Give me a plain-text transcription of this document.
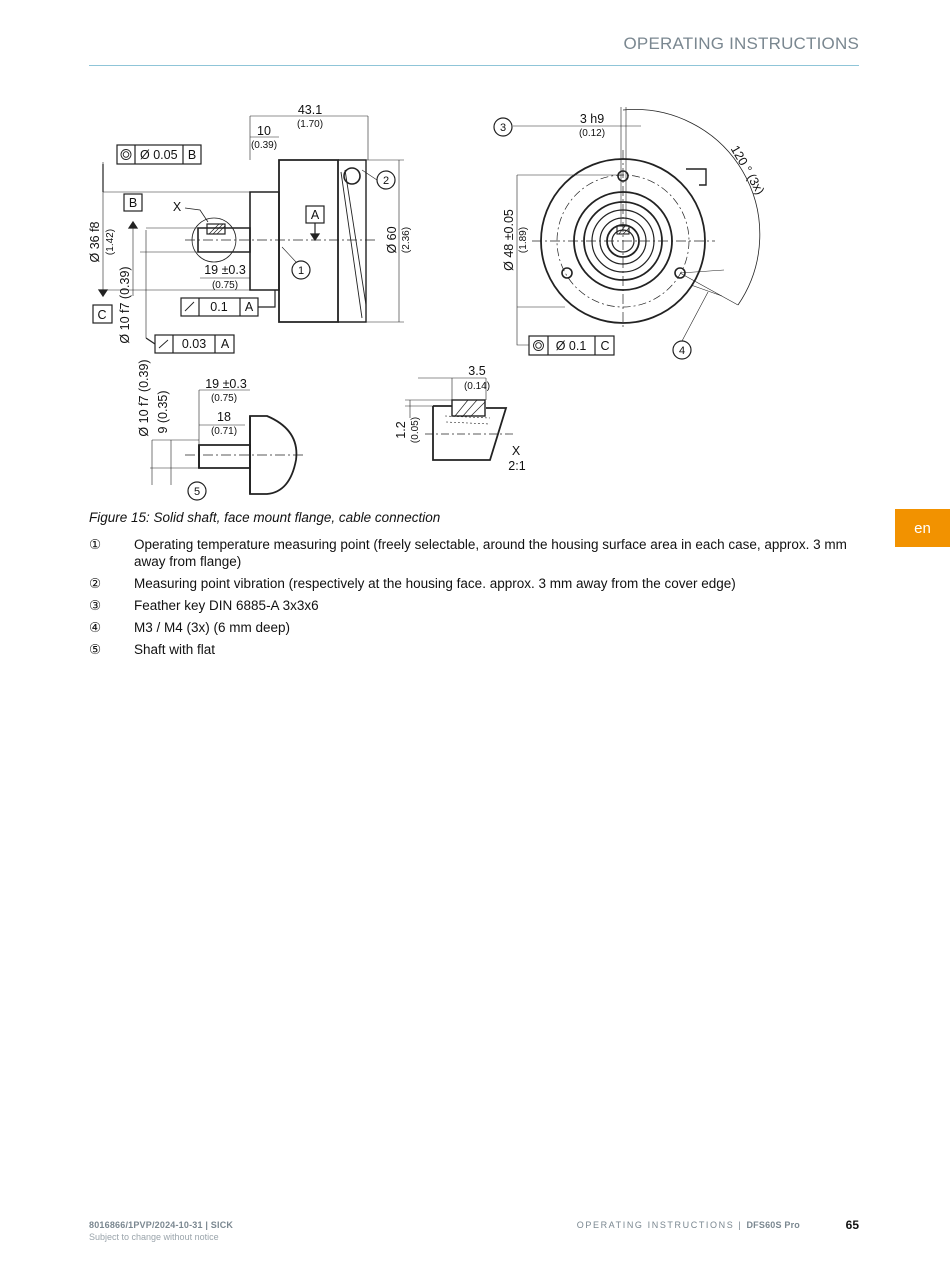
OPERATING INSTRUCTIONS
en
43.1
(1.70)
10
(0.39)
Ø 0.05 B
X
B
A
Ø 36 f8 (1.42)	Ø 60 (2.36)
19 ±0.3
(0.75)
0.1 A
C Ø 10 f7 (0.39)
0.03 A
3 h9
(0.12)
120 ° (3x)
Ø 48 ±0.05 (1.89)
Ø 0.1 C
19 ±0.3
(0.75)
18
(0.71)
Ø 10 f7 (0.39) 9 (0.35)
3.5
(0.14)
1.2 (0.05)
X
2:1
1
2
3
4
5
Figure 15: Solid shaft, face mount flange, cable connection
①	Operating temperature measuring point (freely selectable, around the housing surface area in each case, approx. 3 mm away from flange)
②	Measuring point vibration (respectively at the housing face. approx. 3 mm away from the cover edge)
③	Feather key DIN 6885-A 3x3x6
④	M3 / M4 (3x) (6 mm deep)
⑤	Shaft with flat
8016866/1PVP/2024-10-31 | SICK
Subject to change without notice
OPERATING INSTRUCTIONS | DFS60S Pro	65
